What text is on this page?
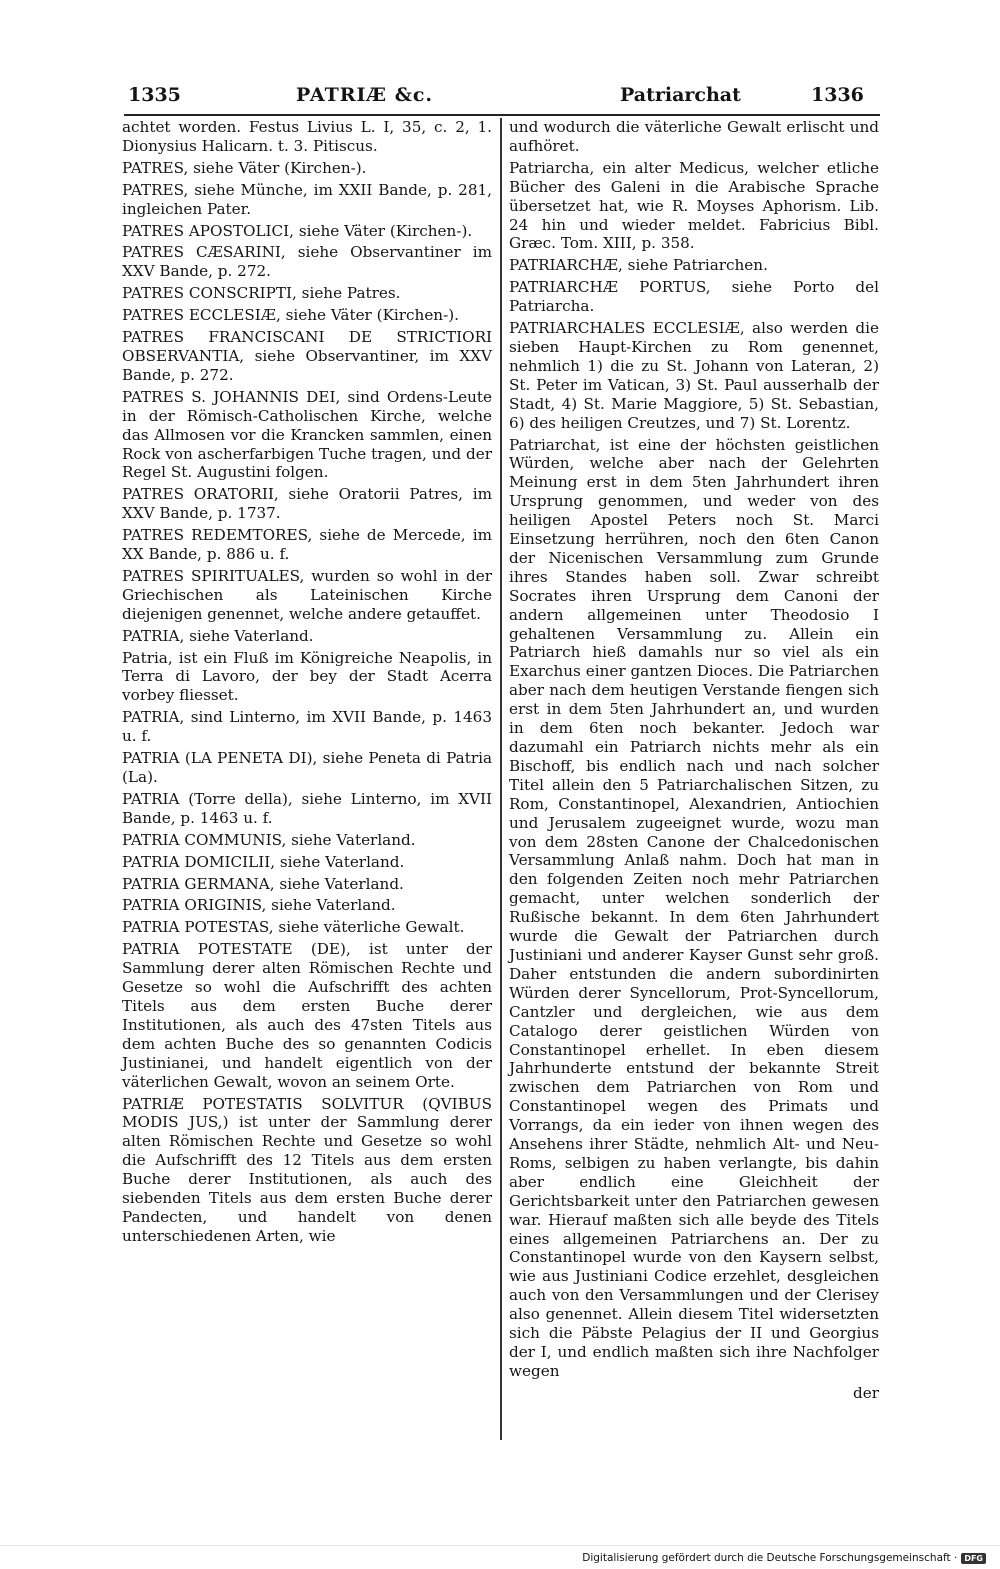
1335	PATRIÆ &c.	Patriarchat	1336

achtet worden. Festus Livius L. I, 35, c. 2, 1. Dionysius Halicarn. t. 3. Pitiscus.

PATRES, siehe Väter (Kirchen-).

PATRES, siehe Münche, im XXII Bande, p. 281, ingleichen Pater.

PATRES APOSTOLICI, siehe Väter (Kirchen-).

PATRES CÆSARINI, siehe Observantiner im XXV Bande, p. 272.

PATRES CONSCRIPTI, siehe Patres.

PATRES ECCLESIÆ, siehe Väter (Kirchen-).

PATRES FRANCISCANI DE STRICTIORI OBSERVANTIA, siehe Observantiner, im XXV Bande, p. 272.

PATRES S. JOHANNIS DEI, sind Ordens-Leute in der Römisch-Catholischen Kirche, welche das Allmosen vor die Krancken sammlen, einen Rock von ascherfarbigen Tuche tragen, und der Regel St. Augustini folgen.

PATRES ORATORII, siehe Oratorii Patres, im XXV Bande, p. 1737.

PATRES REDEMTORES, siehe de Mercede, im XX Bande, p. 886 u. f.

PATRES SPIRITUALES, wurden so wohl in der Griechischen als Lateinischen Kirche diejenigen genennet, welche andere getauffet.

PATRIA, siehe Vaterland.

Patria, ist ein Fluß im Königreiche Neapolis, in Terra di Lavoro, der bey der Stadt Acerra vorbey fliesset.

PATRIA, sind Linterno, im XVII Bande, p. 1463 u. f.

PATRIA (LA PENETA DI), siehe Peneta di Patria (La).

PATRIA (Torre della), siehe Linterno, im XVII Bande, p. 1463 u. f.

PATRIA COMMUNIS, siehe Vaterland.

PATRIA DOMICILII, siehe Vaterland.

PATRIA GERMANA, siehe Vaterland.

PATRIA ORIGINIS, siehe Vaterland.

PATRIA POTESTAS, siehe väterliche Gewalt.

PATRIA POTESTATE (DE), ist unter der Sammlung derer alten Römischen Rechte und Gesetze so wohl die Aufschrifft des achten Titels aus dem ersten Buche derer Institutionen, als auch des 47sten Titels aus dem achten Buche des so genannten Codicis Justinianei, und handelt eigentlich von der väterlichen Gewalt, wovon an seinem Orte.

PATRIÆ POTESTATIS SOLVITUR (QVIBUS MODIS JUS,) ist unter der Sammlung derer alten Römischen Rechte und Gesetze so wohl die Aufschrifft des 12 Titels aus dem ersten Buche derer Institutionen, als auch des siebenden Titels aus dem ersten Buche derer Pandecten, und handelt von denen unterschiedenen Arten, wie

und wodurch die väterliche Gewalt erlischt und aufhöret.

Patriarcha, ein alter Medicus, welcher etliche Bücher des Galeni in die Arabische Sprache übersetzet hat, wie R. Moyses Aphorism. Lib. 24 hin und wieder meldet. Fabricius Bibl. Græc. Tom. XIII, p. 358.

PATRIARCHÆ, siehe Patriarchen.

PATRIARCHÆ PORTUS, siehe Porto del Patriarcha.

PATRIARCHALES ECCLESIÆ, also werden die sieben Haupt-Kirchen zu Rom genennet, nehmlich 1) die zu St. Johann von Lateran, 2) St. Peter im Vatican, 3) St. Paul ausserhalb der Stadt, 4) St. Marie Maggiore, 5) St. Sebastian, 6) des heiligen Creutzes, und 7) St. Lorentz.

Patriarchat, ist eine der höchsten geistlichen Würden, welche aber nach der Gelehrten Meinung erst in dem 5ten Jahrhundert ihren Ursprung genommen, und weder von des heiligen Apostel Peters noch St. Marci Einsetzung herrühren, noch den 6ten Canon der Nicenischen Versammlung zum Grunde ihres Standes haben soll. Zwar schreibt Socrates ihren Ursprung dem Canoni der andern allgemeinen unter Theodosio I gehaltenen Versammlung zu. Allein ein Patriarch hieß damahls nur so viel als ein Exarchus einer gantzen Dioces. Die Patriarchen aber nach dem heutigen Verstande fiengen sich erst in dem 5ten Jahrhundert an, und wurden in dem 6ten noch bekanter. Jedoch war dazumahl ein Patriarch nichts mehr als ein Bischoff, bis endlich nach und nach solcher Titel allein den 5 Patriarchalischen Sitzen, zu Rom, Constantinopel, Alexandrien, Antiochien und Jerusalem zugeeignet wurde, wozu man von dem 28sten Canone der Chalcedonischen Versammlung Anlaß nahm. Doch hat man in den folgenden Zeiten noch mehr Patriarchen gemacht, unter welchen sonderlich der Rußische bekannt. In dem 6ten Jahrhundert wurde die Gewalt der Patriarchen durch Justiniani und anderer Kayser Gunst sehr groß. Daher entstunden die andern subordinirten Würden derer Syncellorum, Prot-Syncellorum, Cantzler und dergleichen, wie aus dem Catalogo derer geistlichen Würden von Constantinopel erhellet. In eben diesem Jahrhunderte entstund der bekannte Streit zwischen dem Patriarchen von Rom und Constantinopel wegen des Primats und Vorrangs, da ein ieder von ihnen wegen des Ansehens ihrer Städte, nehmlich Alt- und Neu-Roms, selbigen zu haben verlangte, bis dahin aber endlich eine Gleichheit der Gerichtsbarkeit unter den Patriarchen gewesen war. Hierauf maßten sich alle beyde des Titels eines allgemeinen Patriarchens an. Der zu Constantinopel wurde von den Kaysern selbst, wie aus Justiniani Codice erzehlet, desgleichen auch von den Versammlungen und der Clerisey also genennet. Allein diesem Titel widersetzten sich die Päbste Pelagius der II und Georgius der I, und endlich maßten sich ihre Nachfolger wegen

der

Digitalisierung gefördert durch die Deutsche Forschungsgemeinschaft · DFG
